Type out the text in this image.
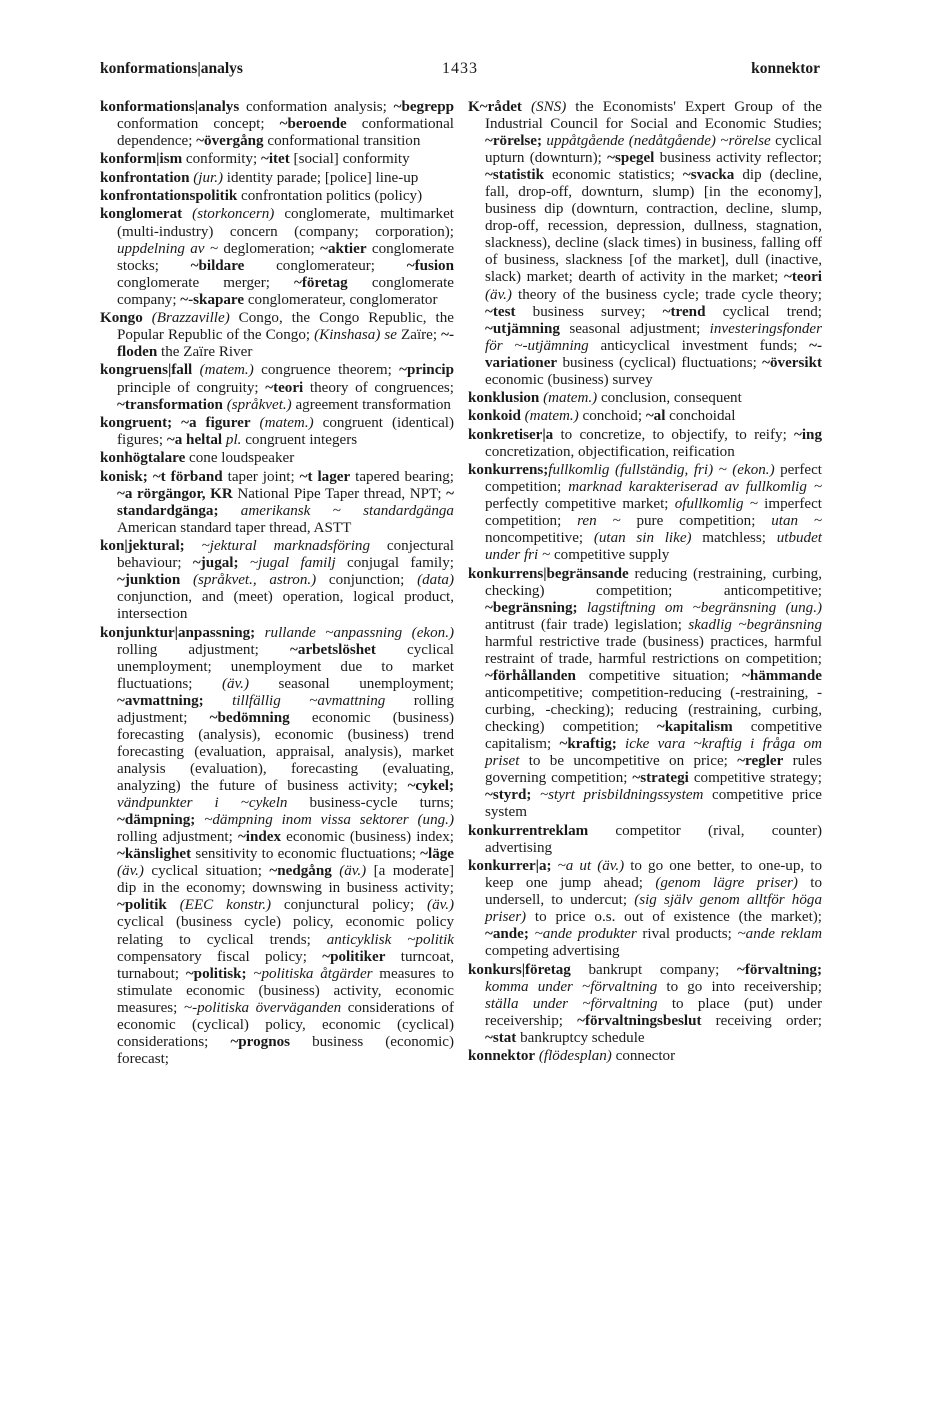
konformations|analys	1433	konnektor
konformations|analys conformation analysis; ~begrepp conformation concept; ~beroende conformational dependence; ~övergång conformational transition
konform|ism conformity; ~itet [social] conformity
konfrontation (jur.) identity parade; [police] line-up
konfrontationspolitik confrontation politics (policy)
konglomerat (storkoncern) conglomerate, multimarket (multi-industry) concern (company; corporation); uppdelning av ~ deglomeration; ~aktier conglomerate stocks; ~bildare conglomerateur; ~fusion conglomerate merger; ~företag conglomerate company; ~-skapare conglomerateur, conglomerator
Kongo (Brazzaville) Congo, the Congo Republic, the Popular Republic of the Congo; (Kinshasa) se Zaïre; ~-floden the Zaïre River
kongruens|fall (matem.) congruence theorem; ~princip principle of congruity; ~teori theory of congruences; ~transformation (språkvet.) agreement transformation
kongruent; ~a figurer (matem.) congruent (identical) figures; ~a heltal pl. congruent integers
konhögtalare cone loudspeaker
konisk; ~t förband taper joint; ~t lager tapered bearing; ~a rörgängor, KR National Pipe Taper thread, NPT; ~ standardgänga; amerikansk ~ standardgänga American standard taper thread, ASTT
kon|jektural; ~jektural marknadsföring conjectural behaviour; ~jugal; ~jugal familj conjugal family; ~junktion (språkvet., astron.) conjunction; (data) conjunction, and (meet) operation, logical product, intersection
konjunktur|anpassning; rullande ~anpassning (ekon.) rolling adjustment; ~arbetslöshet cyclical unemployment; unemployment due to market fluctuations; (äv.) seasonal unemployment; ~avmattning; tillfällig ~avmattning rolling adjustment; ~bedömning economic (business) forecasting (analysis), economic (business) trend forecasting (evaluation, appraisal, analysis), market analysis (evaluation), forecasting (evaluating, analyzing) the future of business activity; ~cykel; vändpunkter i ~cykeln business-cycle turns; ~dämpning; ~dämpning inom vissa sektorer (ung.) rolling adjustment; ~index economic (business) index; ~känslighet sensitivity to economic fluctuations; ~läge (äv.) cyclical situation; ~nedgång (äv.) [a moderate] dip in the economy; downswing in business activity; ~politik (EEC konstr.) conjunctural policy; (äv.) cyclical (business cycle) policy, economic policy relating to cyclical trends; anticyklisk ~politik compensatory fiscal policy; ~politiker turncoat, turnabout; ~politisk; ~politiska åtgärder measures to stimulate economic (business) activity, economic measures; ~-politiska överväganden considerations of economic (cyclical) policy, economic (cyclical) considerations; ~prognos business (economic) forecast;
K~rådet (SNS) the Economists' Expert Group of the Industrial Council for Social and Economic Studies; ~rörelse; uppåtgående (nedåtgående) ~rörelse cyclical upturn (downturn); ~spegel business activity reflector; ~statistik economic statistics; ~svacka dip (decline, fall, drop-off, downturn, slump) [in the economy], business dip (downturn, contraction, decline, slump, drop-off, recession, depression, dullness, stagnation, slackness), decline (slack times) in business, falling off of business, slackness [of the market], dull (inactive, slack) market; dearth of activity in the market; ~teori (äv.) theory of the business cycle; trade cycle theory; ~test business survey; ~trend cyclical trend; ~utjämning seasonal adjustment; investeringsfonder för ~-utjämning anticyclical investment funds; ~-variationer business (cyclical) fluctuations; ~översikt economic (business) survey
konklusion (matem.) conclusion, consequent
konkoid (matem.) conchoid; ~al conchoidal
konkretiser|a to concretize, to objectify, to reify; ~ing concretization, objectification, reification
konkurrens;fullkomlig (fullständig, fri) ~ (ekon.) perfect competition; marknad karakteriserad av fullkomlig ~ perfectly competitive market; ofullkomlig ~ imperfect competition; ren ~ pure competition; utan ~ noncompetitive; (utan sin like) matchless; utbudet under fri ~ competitive supply
konkurrens|begränsande reducing (restraining, curbing, checking) competition; anticompetitive; ~begränsning; lagstiftning om ~begränsning (ung.) antitrust (fair trade) legislation; skadlig ~begränsning harmful restrictive trade (business) practices, harmful restraint of trade, harmful restrictions on competition; ~förhållanden competitive situation; ~hämmande anticompetitive; competition-reducing (-restraining, -curbing, -checking); reducing (restraining, curbing, checking) competition; ~kapitalism competitive capitalism; ~kraftig; icke vara ~kraftig i fråga om priset to be uncompetitive on price; ~regler rules governing competition; ~strategi competitive strategy; ~styrd; ~styrt prisbildningssystem competitive price system
konkurrentreklam competitor (rival, counter) advertising
konkurrer|a; ~a ut (äv.) to go one better, to one-up, to keep one jump ahead; (genom lägre priser) to undersell, to undercut; (sig själv genom alltför höga priser) to price o.s. out of existence (the market); ~ande; ~ande produkter rival products; ~ande reklam competing advertising
konkurs|företag bankrupt company; ~förvaltning; komma under ~förvaltning to go into receivership; ställa under ~förvaltning to place (put) under receivership; ~förvaltningsbeslut receiving order; ~stat bankruptcy schedule
konnektor (flödesplan) connector
